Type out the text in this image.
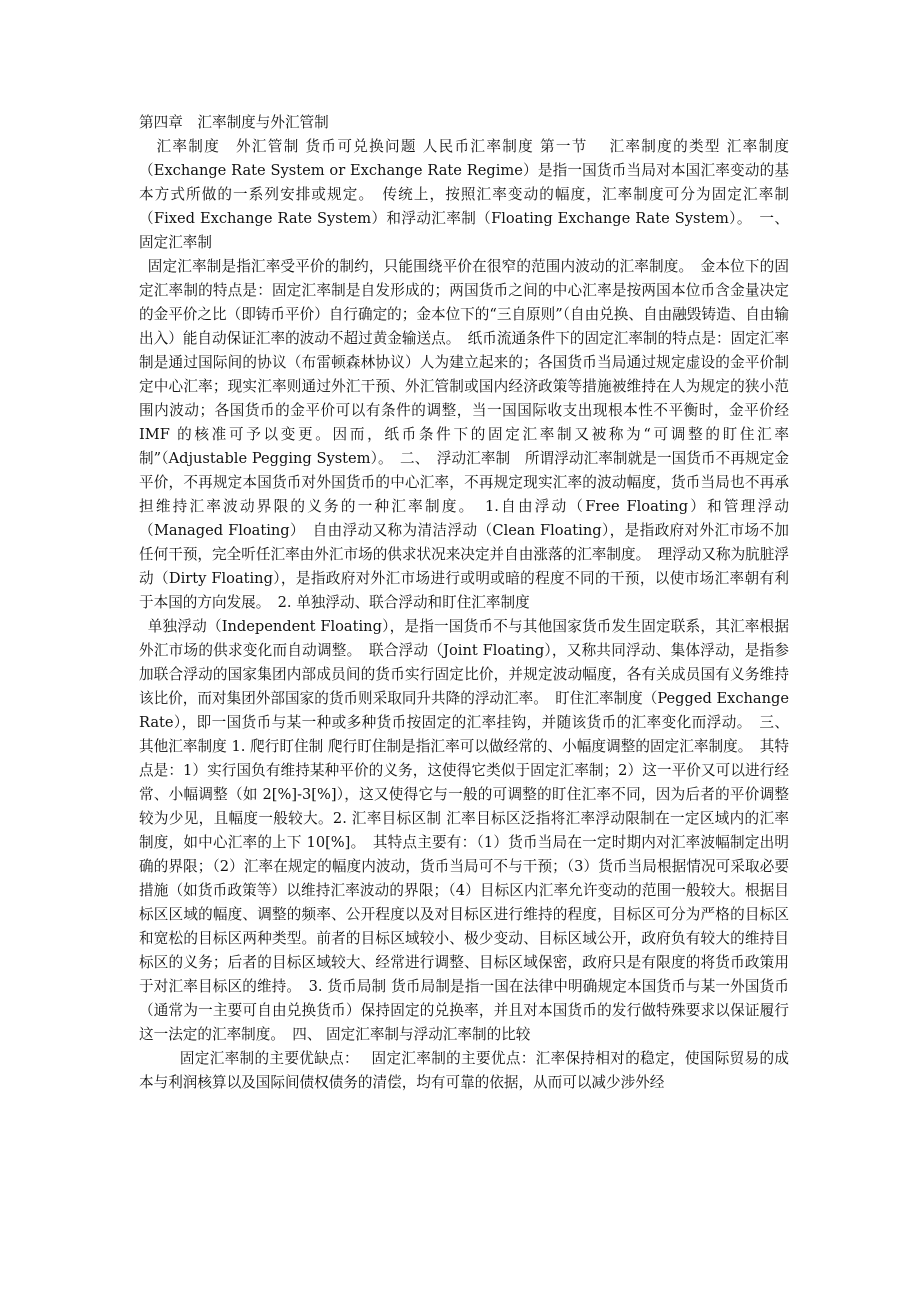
第四章　汇率制度与外汇管制

汇率制度　外汇管制 货币可兑换问题 人民币汇率制度 第一节　 汇率制度的类型 汇率制度（Exchange Rate System or Exchange Rate Regime）是指一国货币当局对本国汇率变动的基本方式所做的一系列安排或规定。　传统上，按照汇率变动的幅度，汇率制度可分为固定汇率制（Fixed Exchange Rate System）和浮动汇率制（Floating Exchange Rate System）。　一、 固定汇率制

固定汇率制是指汇率受平价的制约，只能围绕平价在很窄的范围内波动的汇率制度。　金本位下的固定汇率制的特点是：固定汇率制是自发形成的；两国货币之间的中心汇率是按两国本位币含金量决定的金平价之比（即铸币平价）自行确定的；金本位下的“三自原则”（自由兑换、自由融毁铸造、自由输出入）能自动保证汇率的波动不超过黄金输送点。　纸币流通条件下的固定汇率制的特点是：固定汇率制是通过国际间的协议（布雷顿森林协议）人为建立起来的；各国货币当局通过规定虚设的金平价制定中心汇率；现实汇率则通过外汇干预、外汇管制或国内经济政策等措施被维持在人为规定的狭小范围内波动；各国货币的金平价可以有条件的调整，当一国国际收支出现根本性不平衡时，金平价经 IMF 的核准可予以变更。因而，纸币条件下的固定汇率制又被称为“可调整的盯住汇率制”（Adjustable Pegging System）。　二、　浮动汇率制　所谓浮动汇率制就是一国货币不再规定金平价，不再规定本国货币对外国货币的中心汇率，不再规定现实汇率的波动幅度，货币当局也不再承担维持汇率波动界限的义务的一种汇率制度。　1.自由浮动（Free Floating）和管理浮动（Managed Floating）　自由浮动又称为清洁浮动（Clean Floating），是指政府对外汇市场不加任何干预，完全听任汇率由外汇市场的供求状况来决定并自由涨落的汇率制度。　理浮动又称为肮脏浮动（Dirty Floating），是指政府对外汇市场进行或明或暗的程度不同的干预，以使市场汇率朝有利于本国的方向发展。　2. 单独浮动、联合浮动和盯住汇率制度

单独浮动（Independent Floating），是指一国货币不与其他国家货币发生固定联系，其汇率根据外汇市场的供求变化而自动调整。　联合浮动（Joint Floating），又称共同浮动、集体浮动，是指参加联合浮动的国家集团内部成员间的货币实行固定比价，并规定波动幅度，各有关成员国有义务维持该比价，而对集团外部国家的货币则采取同升共降的浮动汇率。　盯住汇率制度（Pegged Exchange Rate），即一国货币与某一种或多种货币按固定的汇率挂钩，并随该货币的汇率变化而浮动。　三、 其他汇率制度 1. 爬行盯住制 爬行盯住制是指汇率可以做经常的、小幅度调整的固定汇率制度。　其特点是：1）实行国负有维持某种平价的义务，这使得它类似于固定汇率制；2）这一平价又可以进行经常、小幅调整（如 2[%]-3[%]），这又使得它与一般的可调整的盯住汇率不同，因为后者的平价调整较为少见，且幅度一般较大。2. 汇率目标区制 汇率目标区泛指将汇率浮动限制在一定区域内的汇率制度，如中心汇率的上下 10[%]。　其特点主要有：（1）货币当局在一定时期内对汇率波幅制定出明确的界限；（2）汇率在规定的幅度内波动，货币当局可不与干预；（3）货币当局根据情况可采取必要措施（如货币政策等）以维持汇率波动的界限；（4）目标区内汇率允许变动的范围一般较大。根据目标区区域的幅度、调整的频率、公开程度以及对目标区进行维持的程度，目标区可分为严格的目标区和宽松的目标区两种类型。前者的目标区域较小、极少变动、目标区域公开，政府负有较大的维持目标区的义务；后者的目标区域较大、经常进行调整、目标区域保密，政府只是有限度的将货币政策用于对汇率目标区的维持。　3. 货币局制 货币局制是指一国在法律中明确规定本国货币与某一外国货币（通常为一主要可自由兑换货币）保持固定的兑换率，并且对本国货币的发行做特殊要求以保证履行这一法定的汇率制度。　四、 固定汇率制与浮动汇率制的比较

固定汇率制的主要优缺点：　 固定汇率制的主要优点：汇率保持相对的稳定，使国际贸易的成本与利润核算以及国际间债权债务的清偿，均有可靠的依据，从而可以减少涉外经
